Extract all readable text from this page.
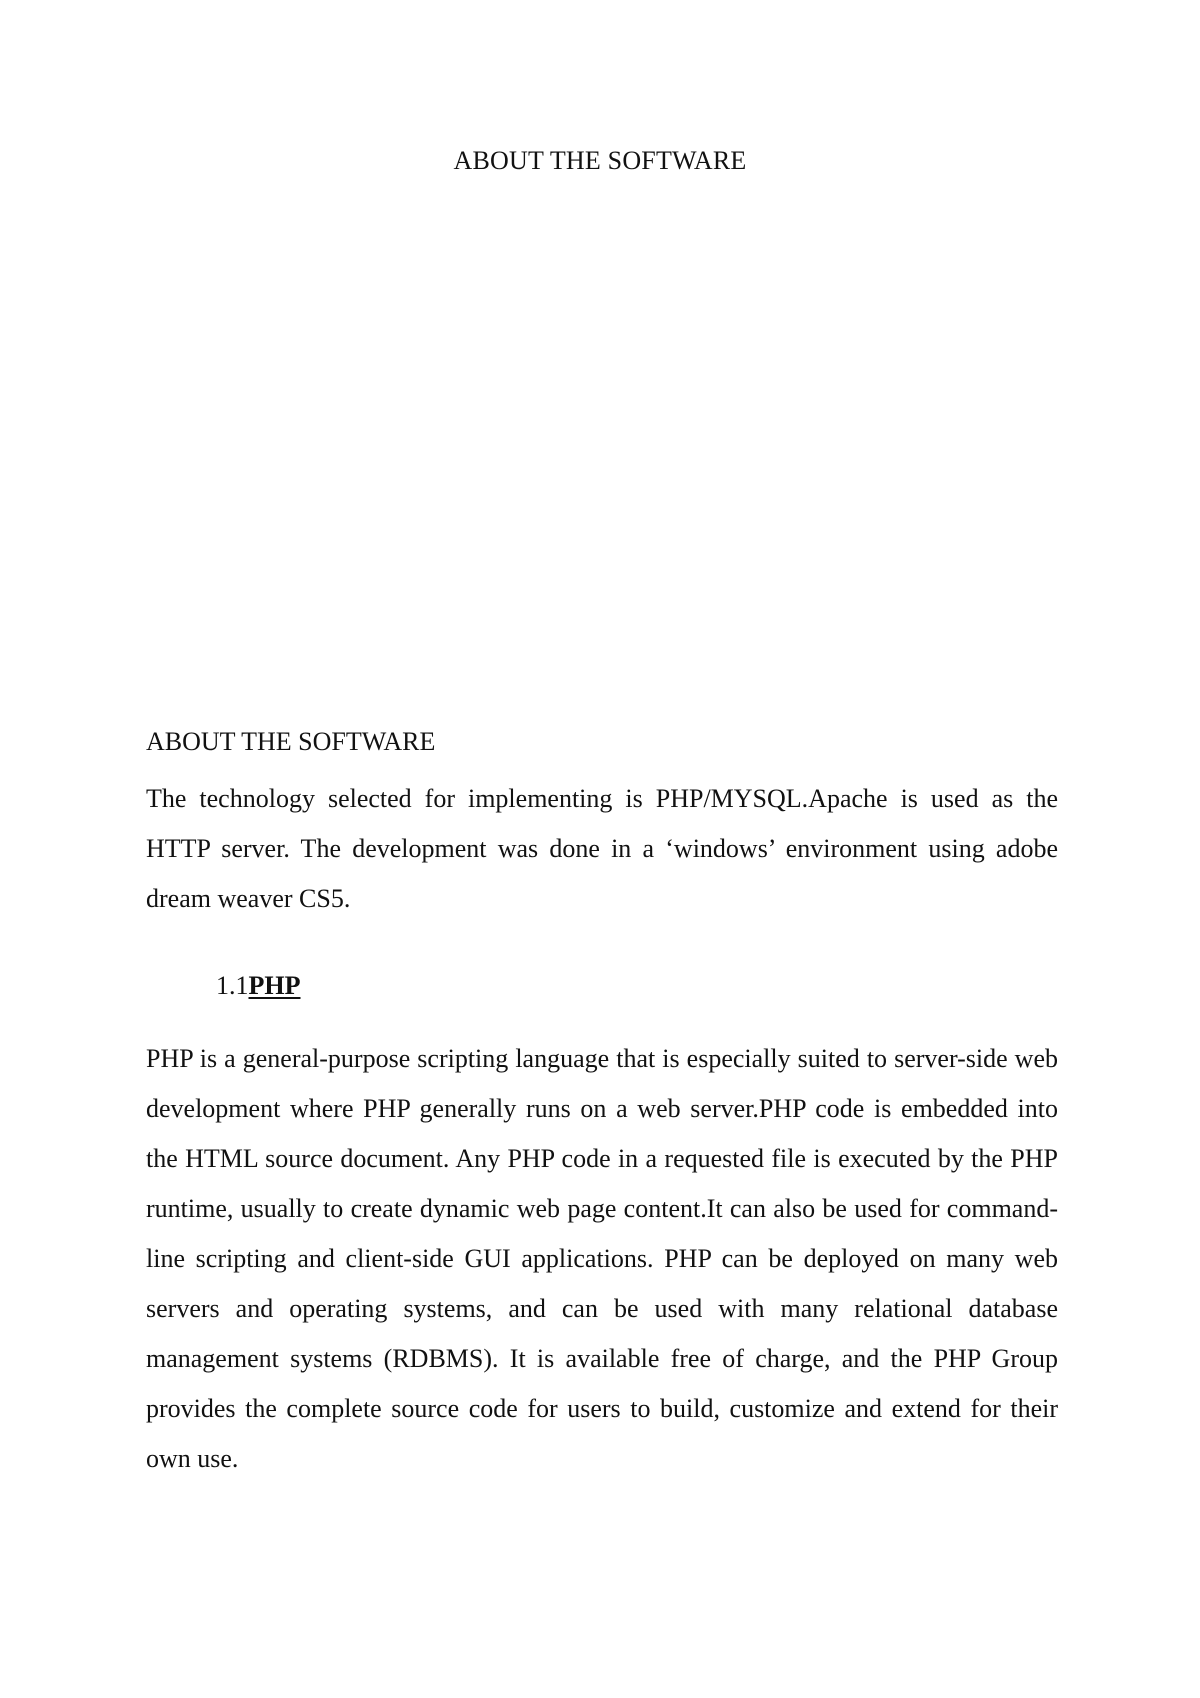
ABOUT THE SOFTWARE
ABOUT THE SOFTWARE
The technology selected for implementing is PHP/MYSQL.Apache is used as the HTTP server. The development was done in a ‘windows’ environment using adobe dream weaver CS5.
1.1PHP
PHP is a general-purpose scripting language that is especially suited to server-side web development where PHP generally runs on a web server.PHP code is embedded into the HTML source document. Any PHP code in a requested file is executed by the PHP runtime, usually to create dynamic web page content.It can also be used for command-line scripting and client-side GUI applications. PHP can be deployed on many web servers and operating systems, and can be used with many relational database management systems (RDBMS). It is available free of charge, and the PHP Group provides the complete source code for users to build, customize and extend for their own use.
